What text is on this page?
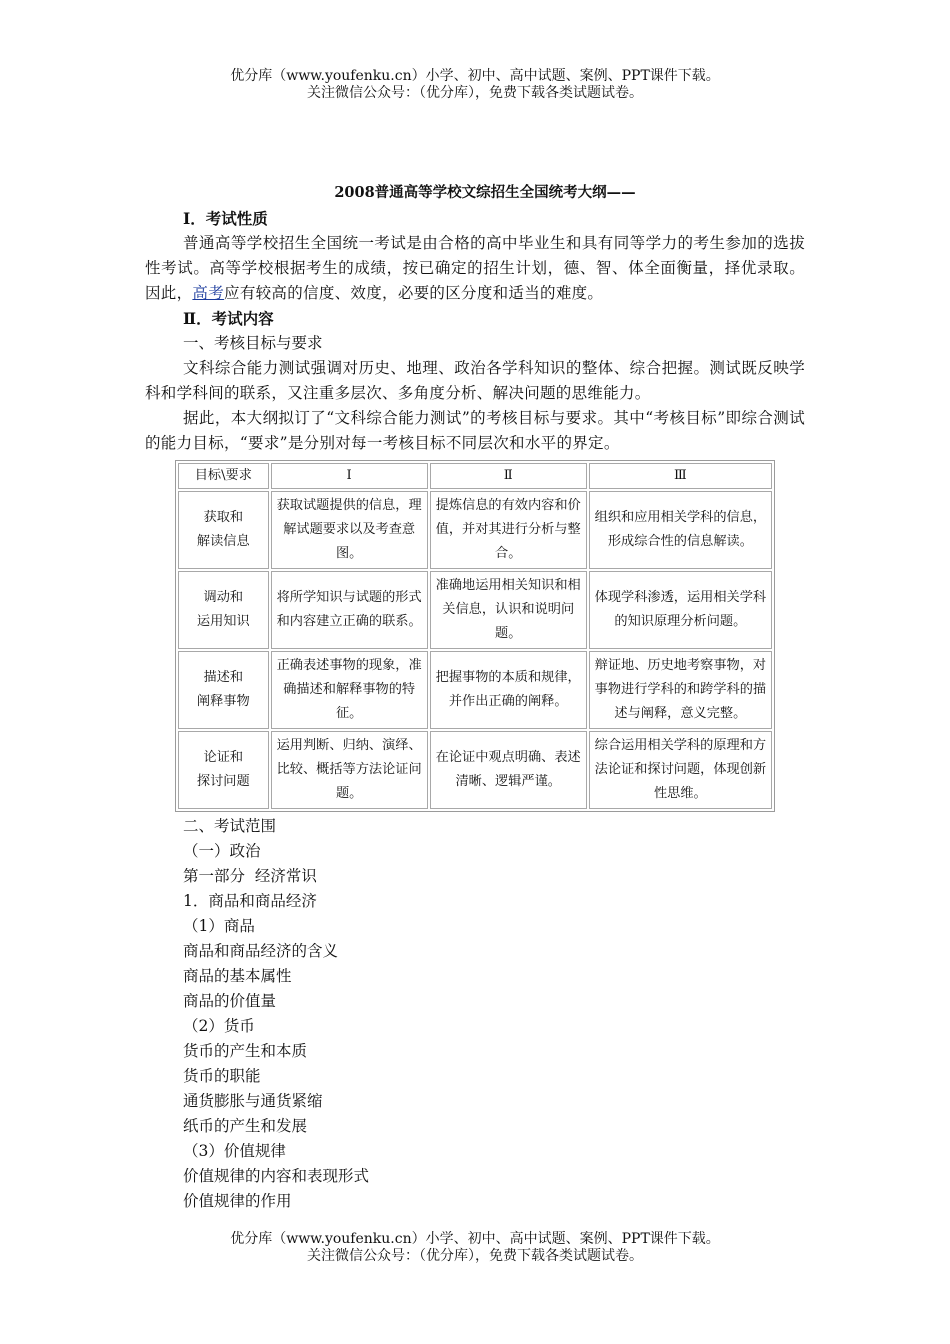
优分库（www.youfenku.cn）小学、初中、高中试题、案例、PPT课件下载。
关注微信公众号：（优分库），免费下载各类试题试卷。
2008普通高等学校文综招生全国统考大纲——
Ⅰ．考试性质
普通高等学校招生全国统一考试是由合格的高中毕业生和具有同等学力的考生参加的选拔性考试。高等学校根据考生的成绩，按已确定的招生计划，德、智、体全面衡量，择优录取。 因此，高考应有较高的信度、效度，必要的区分度和适当的难度。
Ⅱ．考试内容
一、考核目标与要求
文科综合能力测试强调对历史、地理、政治各学科知识的整体、综合把握。测试既反映学科和学科间的联系，又注重多层次、多角度分析、解决问题的思维能力。
据此，本大纲拟订了“文科综合能力测试”的考核目标与要求。其中“考核目标”即综合测试的能力目标，“要求”是分别对每一考核目标不同层次和水平的界定。
目标\要求	Ⅰ	Ⅱ	Ⅲ

获取和
解读信息	获取试题提供的信息，理解试题要求以及考查意图。	提炼信息的有效内容和价值，并对其进行分析与整合。	组织和应用相关学科的信息，形成综合性的信息解读。

调动和
运用知识	将所学知识与试题的形式和内容建立正确的联系。	准确地运用相关知识和相关信息，认识和说明问题。	体现学科渗透，运用相关学科的知识原理分析问题。

描述和
阐释事物	正确表述事物的现象，准确描述和解释事物的特征。	把握事物的本质和规律，并作出正确的阐释。	辩证地、历史地考察事物，对事物进行学科的和跨学科的描述与阐释，意义完整。

论证和
探讨问题	运用判断、归纳、演绎、比较、概括等方法论证问题。	在论证中观点明确、表述清晰、逻辑严谨。	综合运用相关学科的原理和方法论证和探讨问题，体现创新性思维。
二、考试范围
（一）政治
第一部分  经济常识
1．商品和商品经济
（1）商品
商品和商品经济的含义
商品的基本属性
商品的价值量
（2）货币
货币的产生和本质
货币的职能
通货膨胀与通货紧缩
纸币的产生和发展
（3）价值规律
价值规律的内容和表现形式
价值规律的作用
优分库（www.youfenku.cn）小学、初中、高中试题、案例、PPT课件下载。
关注微信公众号：（优分库），免费下载各类试题试卷。
